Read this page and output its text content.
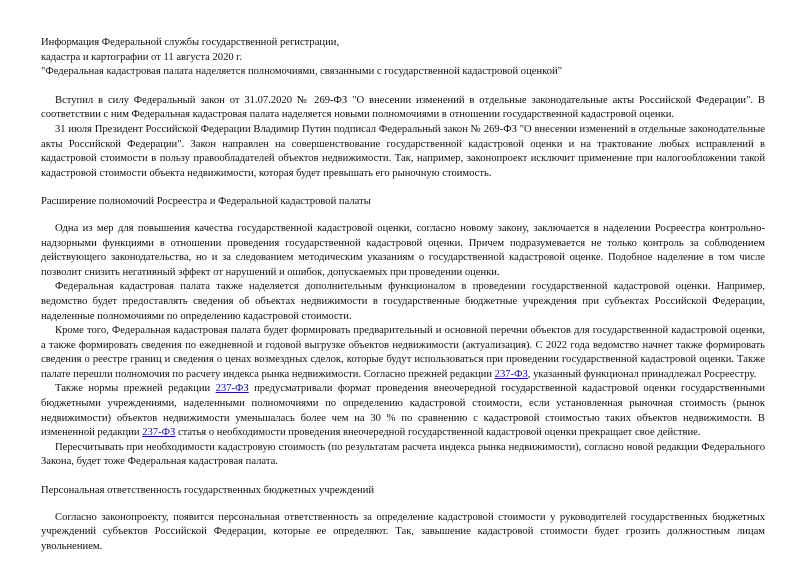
Информация Федеральной службы государственной регистрации,
кадастра и картографии от 11 августа 2020 г.
"Федеральная кадастровая палата наделяется полномочиями, связанными с государственной кадастровой оценкой"

Вступил в силу Федеральный закон от 31.07.2020 № 269-ФЗ "О внесении изменений в отдельные законодательные акты Российской Федерации". В соответствии с ним Федеральная кадастровая палата наделяется новыми полномочиями в отношении государственной кадастровой оценки.

31 июля Президент Российской Федерации Владимир Путин подписал Федеральный закон № 269-ФЗ "О внесении изменений в отдельные законодательные акты Российской Федерации". Закон направлен на совершенствование государственной кадастровой оценки и на трактование любых исправлений в кадастровой стоимости в пользу правообладателей объектов недвижимости. Так, например, законопроект исключит применение при налогообложении такой кадастровой стоимости объекта недвижимости, которая будет превышать его рыночную стоимость.

Расширение полномочий Росреестра и Федеральной кадастровой палаты

Одна из мер для повышения качества государственной кадастровой оценки, согласно новому закону, заключается в наделении Росреестра контрольно-надзорными функциями в отношении проведения государственной кадастровой оценки. Причем подразумевается не только контроль за соблюдением действующего законодательства, но и за следованием методическим указаниям о государственной кадастровой оценке. Подобное наделение в том числе позволит снизить негативный эффект от нарушений и ошибок, допускаемых при проведении оценки.

Федеральная кадастровая палата также наделяется дополнительным функционалом в проведении государственной кадастровой оценки. Например, ведомство будет предоставлять сведения об объектах недвижимости в государственные бюджетные учреждения при субъектах Российской Федерации, наделенные полномочиями по определению кадастровой стоимости.

Кроме того, Федеральная кадастровая палата будет формировать предварительный и основной перечни объектов для государственной кадастровой оценки, а также формировать сведения по ежедневной и годовой выгрузке объектов недвижимости (актуализация). С 2022 года ведомство начнет также формировать сведения о реестре границ и сведения о ценах возмездных сделок, которые будут использоваться при проведении государственной кадастровой оценки. Также палате перешли полномочия по расчету индекса рынка недвижимости. Согласно прежней редакции 237-ФЗ, указанный функционал принадлежал Росреестру.

Также нормы прежней редакции 237-ФЗ предусматривали формат проведения внеочередной государственной кадастровой оценки государственными бюджетными учреждениями, наделенными полномочиями по определению кадастровой стоимости, если установленная рыночная стоимость (рынок недвижимости) объектов недвижимости уменьшалась более чем на 30 % по сравнению с кадастровой стоимостью таких объектов недвижимости. В измененной редакции 237-ФЗ статья о необходимости проведения внеочередной государственной кадастровой оценки прекращает свое действие.

Пересчитывать при необходимости кадастровую стоимость (по результатам расчета индекса рынка недвижимости), согласно новой редакции Федерального Закона, будет тоже Федеральная кадастровая палата.

Персональная ответственность государственных бюджетных учреждений

Согласно законопроекту, появится персональная ответственность за определение кадастровой стоимости у руководителей государственных бюджетных учреждений субъектов Российской Федерации, которые ее определяют. Так, завышение кадастровой стоимости будет грозить должностным лицам увольнением.
